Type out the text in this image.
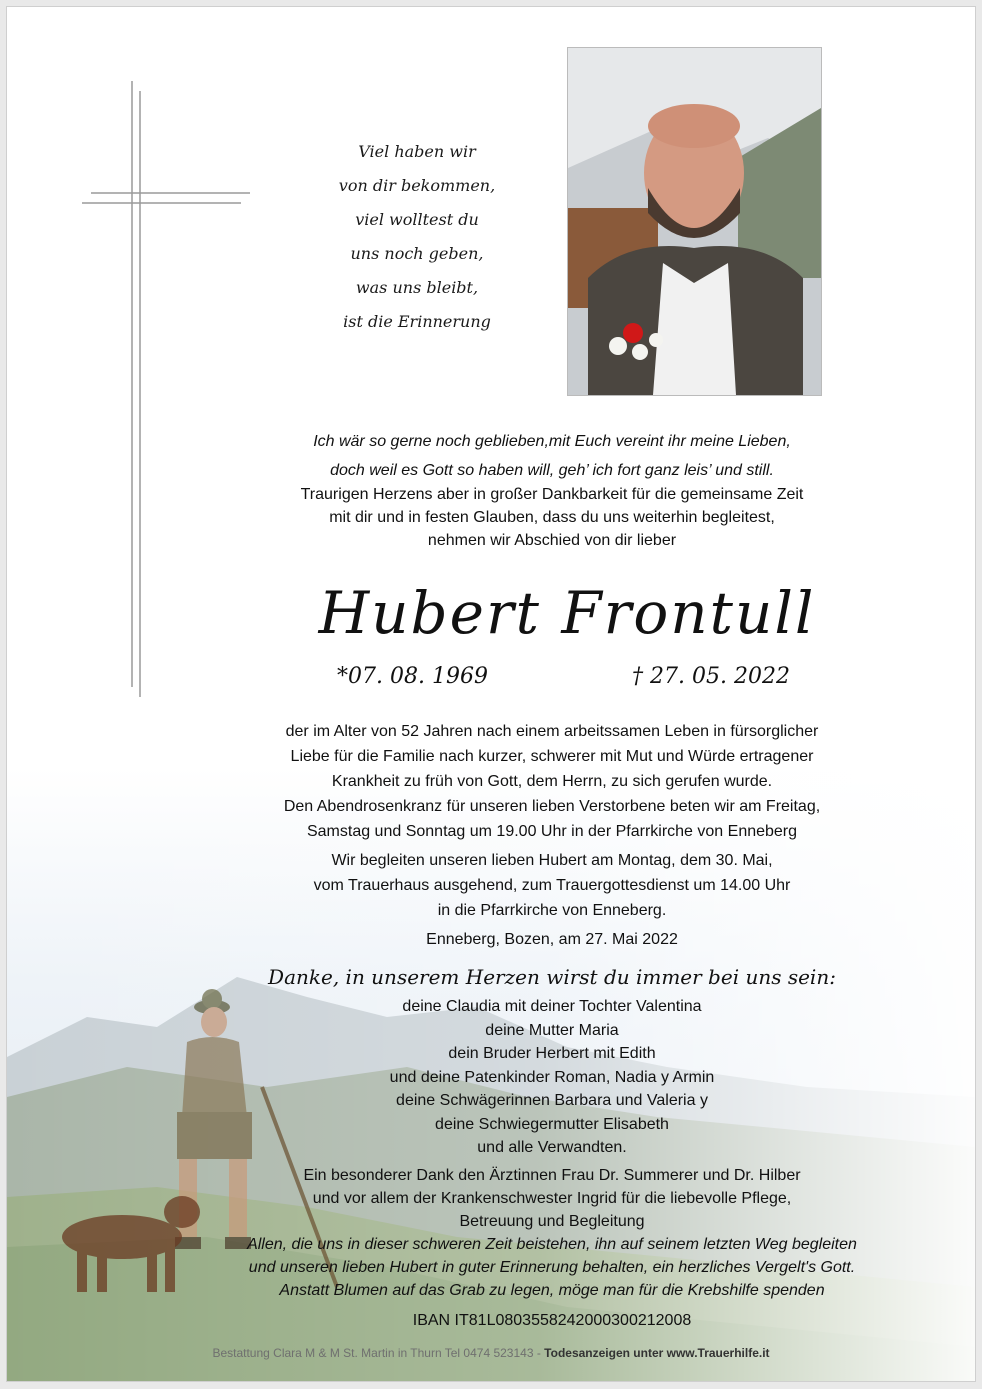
Viel haben wir
von dir bekommen,
viel wolltest du
uns noch geben,
was uns bleibt,
ist die Erinnerung
Ich wär so gerne noch geblieben,mit Euch vereint ihr meine Lieben,
doch weil es Gott so haben will, geh’ ich fort ganz leis’ und still.
Traurigen Herzens aber in großer Dankbarkeit für die gemeinsame Zeit
mit dir und in festen Glauben, dass du uns weiterhin begleitest,
nehmen wir Abschied von dir lieber
Hubert Frontull
*07. 08. 1969	† 27. 05. 2022
der im Alter von 52 Jahren nach einem arbeitssamen Leben in fürsorglicher
Liebe für die Familie nach kurzer, schwerer mit Mut und Würde ertragener
Krankheit zu früh von Gott, dem Herrn, zu sich gerufen wurde.
Den Abendrosenkranz für unseren lieben Verstorbene beten wir am Freitag,
Samstag und Sonntag um 19.00 Uhr in der Pfarrkirche von Enneberg
Wir begleiten unseren lieben Hubert am Montag, dem 30. Mai,
vom Trauerhaus ausgehend, zum Trauergottesdienst um 14.00 Uhr
in die Pfarrkirche von Enneberg.
Enneberg, Bozen, am 27. Mai 2022
Danke, in unserem Herzen wirst du immer bei uns sein:
deine Claudia mit deiner Tochter Valentina
deine Mutter Maria
dein Bruder Herbert mit Edith
und deine Patenkinder Roman, Nadia y Armin
deine Schwägerinnen Barbara und Valeria y
deine Schwiegermutter Elisabeth
und alle Verwandten.
Ein besonderer Dank den Ärztinnen Frau Dr. Summerer und Dr. Hilber
und vor allem der Krankenschwester Ingrid für die liebevolle Pflege,
Betreuung und Begleitung
Allen, die uns in dieser schweren Zeit beistehen, ihn auf seinem letzten Weg begleiten
und unseren lieben Hubert in guter Erinnerung behalten, ein herzliches Vergelt's Gott.
Anstatt Blumen auf das Grab zu legen, möge man für die Krebshilfe spenden
IBAN IT81L0803558242000300212008
Bestattung Clara M & M St. Martin in Thurn Tel 0474 523143 - Todesanzeigen unter www.Trauerhilfe.it
